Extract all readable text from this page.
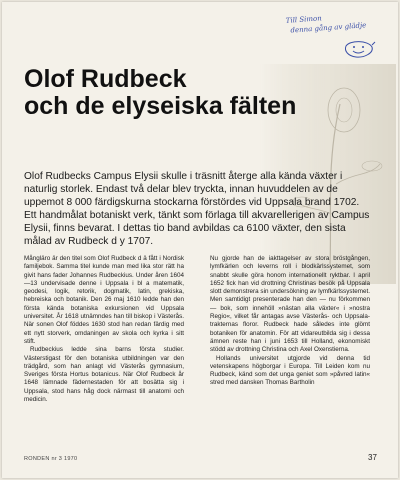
Till Simon
denna gång av glädje
Olof Rudbeck
och de elyseiska fälten

Olof Rudbecks Campus Elysii skulle i träsnitt återge alla kända växter i naturlig storlek. Endast två delar blev tryckta, innan huvuddelen av de uppemot 8 000 färdigskurna stockarna förstördes vid Uppsala brand 1702. Ett handmålat botaniskt verk, tänkt som förlaga till akvarellerigen av Campus Elysii, finns bevarat. I dettas tio band avbildas ca 6100 växter, den sista målad av Rudbeck d y 1707.

Mångläro är den titel som Olof Rudbeck d ä fått i Nordisk familjebok. Samma titel kunde man med lika stor rätt ha givit hans fader Johannes Rudbeckius. Under åren 1604—13 undervisade denne i Uppsala i bl a matematik, geodesi, logik, retorik, dogmatik, latin, grekiska, hebreiska och botanik. Den 26 maj 1610 ledde han den första kända botaniska exkursionen vid Uppsala universitet. År 1618 utnämndes han till biskop i Västerås. När sonen Olof föddes 1630 stod han redan färdig med ett nytt storverk, omdaningen av skola och kyrka i sitt stift.

Rudbeckius ledde sina barns första studier. Västerstigast för den botaniska utbildningen var den trädgård, som han anlagt vid Västerås gymnasium, Sveriges första Hortus botanicus. När Olof Rudbeck år 1648 lämnade fädernestaden för att bosätta sig i Uppsala, stod hans håg dock närmast till anatomi och medicin.

Nu gjorde han de iakttagelser av stora bröstgången, lymfkärlen och leverns roll i blodkärlssystemet, som snabbt skulle göra honom internationellt ryktbar. I april 1652 fick han vid drottning Christinas besök på Uppsala slott demonstrera sin undersökning av lymfkärlssystemet. Men samtidigt presenterade han den — nu förkommen — bok, som innehöll »nästan alla växter« i »nostra Regio«, vilket får antagas avse Västerås- och Uppsala-trakternas floror. Rudbeck hade således inte glömt botaniken för anatomin. För att vidareutbilda sig i dessa ämnen reste han i juni 1653 till Holland, ekonomiskt stödd av drottning Christina och Axel Oxenstierna.

Hollands universitet utgjorde vid denna tid vetenskapens högborgar i Europa. Till Leiden kom nu Rudbeck, känd som det unga geniet som »påvred latin« stred med dansken Thomas Bartholin

RONDEN nr 3 1970	37
